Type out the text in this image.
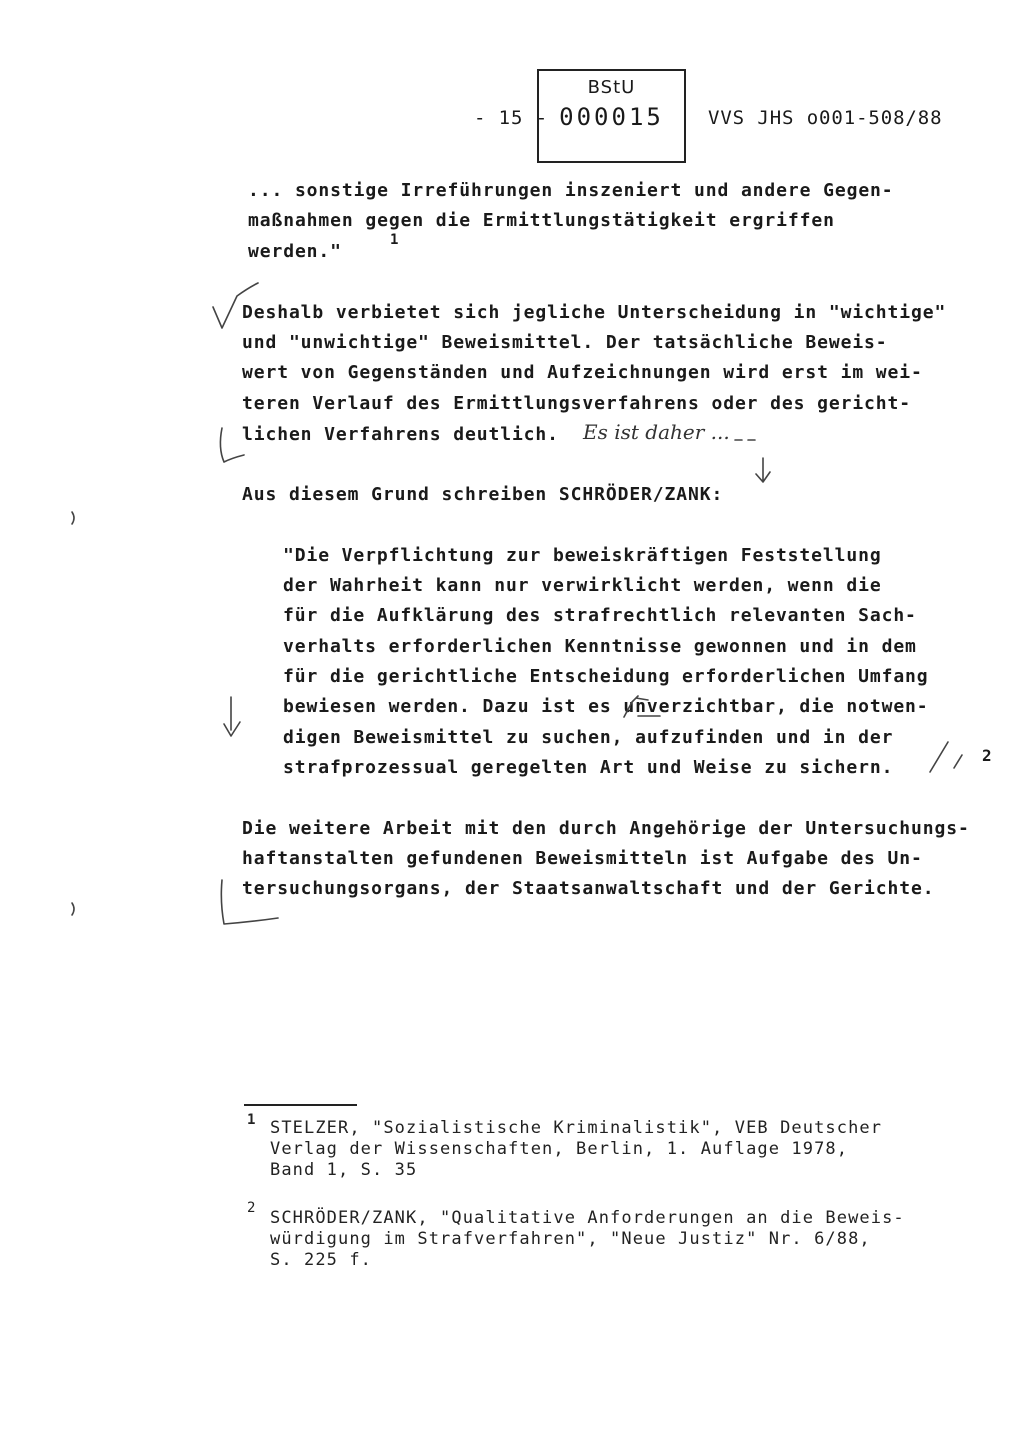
- 15 -
BStU
000015	VVS JHS o001-508/88
... sonstige Irreführungen inszeniert und andere Gegen-
maßnahmen gegen die Ermittlungstätigkeit ergriffen
werden."
1
Deshalb verbietet sich jegliche Unterscheidung in "wichtige"
und "unwichtige" Beweismittel. Der tatsächliche Beweis-
wert von Gegenständen und Aufzeichnungen wird erst im wei-
teren Verlauf des Ermittlungsverfahrens oder des gericht-
lichen Verfahrens deutlich. Es ist daher ...
Aus diesem Grund schreiben SCHRÖDER/ZANK:
"Die Verpflichtung zur beweiskräftigen Feststellung
der Wahrheit kann nur verwirklicht werden, wenn die
für die Aufklärung des strafrechtlich relevanten Sach-
verhalts erforderlichen Kenntnisse gewonnen und in dem
für die gerichtliche Entscheidung erforderlichen Umfang
bewiesen werden. Dazu ist es unverzichtbar, die notwen-
digen Beweismittel zu suchen, aufzufinden und in der
strafprozessual geregelten Art und Weise zu sichern.
2
Die weitere Arbeit mit den durch Angehörige der Untersuchungs-
haftanstalten gefundenen Beweismitteln ist Aufgabe des Un-
tersuchungsorgans, der Staatsanwaltschaft und der Gerichte.
1 STELZER, "Sozialistische Kriminalistik", VEB Deutscher
Verlag der Wissenschaften, Berlin, 1. Auflage 1978,
Band 1, S. 35
2 SCHRÖDER/ZANK, "Qualitative Anforderungen an die Beweis-
würdigung im Strafverfahren", "Neue Justiz" Nr. 6/88,
S. 225 f.
